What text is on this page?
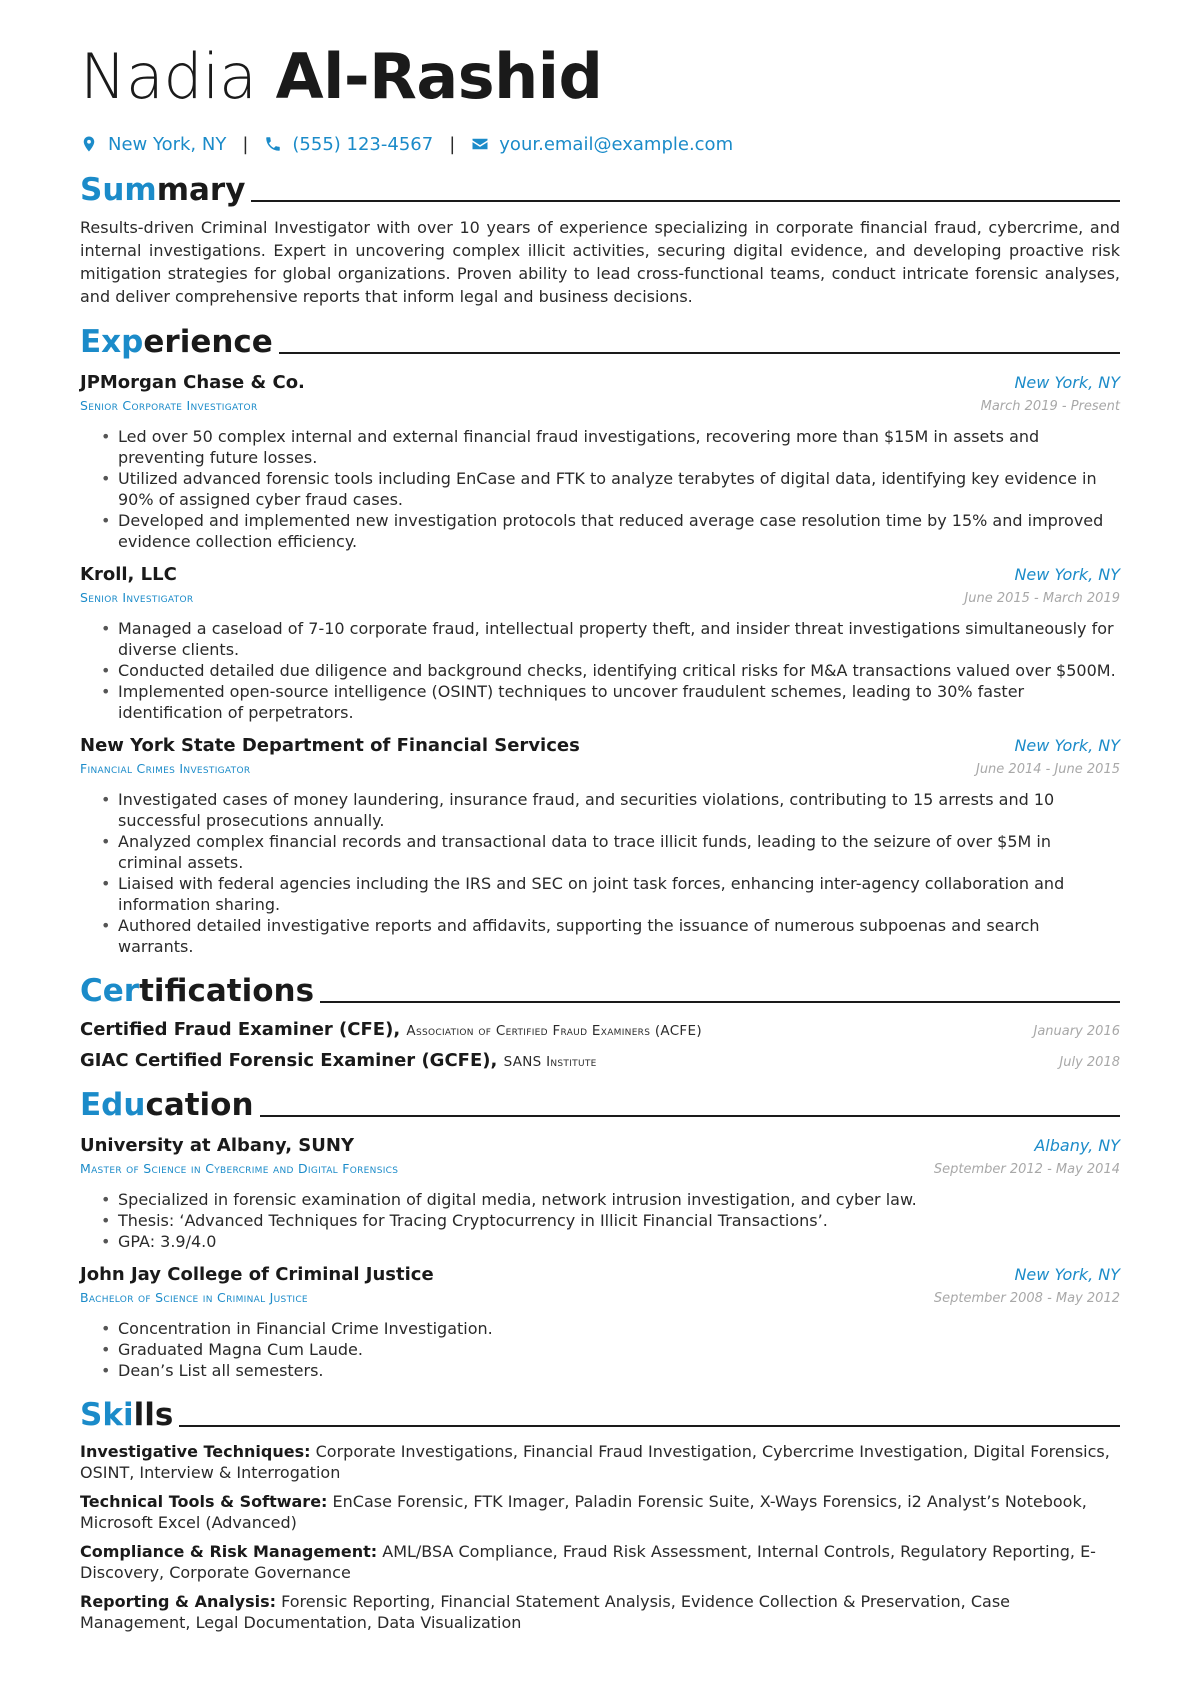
Nadia Al-Rashid
New York, NY | (555) 123-4567 | your.email@example.com
Summary
Results-driven Criminal Investigator with over 10 years of experience specializing in corporate financial fraud, cybercrime, and internal investigations. Expert in uncovering complex illicit activities, securing digital evidence, and developing proactive risk mitigation strategies for global organizations. Proven ability to lead cross-functional teams, conduct intricate forensic analyses, and deliver comprehensive reports that inform legal and business decisions.
Experience
JPMorgan Chase & Co.	New York, NY
Senior Corporate Investigator	March 2019 - Present
• Led over 50 complex internal and external financial fraud investigations, recovering more than $15M in assets and preventing future losses.
• Utilized advanced forensic tools including EnCase and FTK to analyze terabytes of digital data, identifying key evidence in 90% of assigned cyber fraud cases.
• Developed and implemented new investigation protocols that reduced average case resolution time by 15% and improved evidence collection efficiency.
Kroll, LLC	New York, NY
Senior Investigator	June 2015 - March 2019
• Managed a caseload of 7-10 corporate fraud, intellectual property theft, and insider threat investigations simultaneously for diverse clients.
• Conducted detailed due diligence and background checks, identifying critical risks for M&A transactions valued over $500M.
• Implemented open-source intelligence (OSINT) techniques to uncover fraudulent schemes, leading to 30% faster identification of perpetrators.
New York State Department of Financial Services	New York, NY
Financial Crimes Investigator	June 2014 - June 2015
• Investigated cases of money laundering, insurance fraud, and securities violations, contributing to 15 arrests and 10 successful prosecutions annually.
• Analyzed complex financial records and transactional data to trace illicit funds, leading to the seizure of over $5M in criminal assets.
• Liaised with federal agencies including the IRS and SEC on joint task forces, enhancing inter-agency collaboration and information sharing.
• Authored detailed investigative reports and affidavits, supporting the issuance of numerous subpoenas and search warrants.
Certifications
Certified Fraud Examiner (CFE), Association of Certified Fraud Examiners (ACFE)	January 2016
GIAC Certified Forensic Examiner (GCFE), SANS Institute	July 2018
Education
University at Albany, SUNY	Albany, NY
Master of Science in Cybercrime and Digital Forensics	September 2012 - May 2014
• Specialized in forensic examination of digital media, network intrusion investigation, and cyber law.
• Thesis: ‘Advanced Techniques for Tracing Cryptocurrency in Illicit Financial Transactions’.
• GPA: 3.9/4.0
John Jay College of Criminal Justice	New York, NY
Bachelor of Science in Criminal Justice	September 2008 - May 2012
• Concentration in Financial Crime Investigation.
• Graduated Magna Cum Laude.
• Dean’s List all semesters.
Skills
Investigative Techniques: Corporate Investigations, Financial Fraud Investigation, Cybercrime Investigation, Digital Forensics, OSINT, Interview & Interrogation
Technical Tools & Software: EnCase Forensic, FTK Imager, Paladin Forensic Suite, X-Ways Forensics, i2 Analyst’s Notebook, Microsoft Excel (Advanced)
Compliance & Risk Management: AML/BSA Compliance, Fraud Risk Assessment, Internal Controls, Regulatory Reporting, E-Discovery, Corporate Governance
Reporting & Analysis: Forensic Reporting, Financial Statement Analysis, Evidence Collection & Preservation, Case Management, Legal Documentation, Data Visualization
